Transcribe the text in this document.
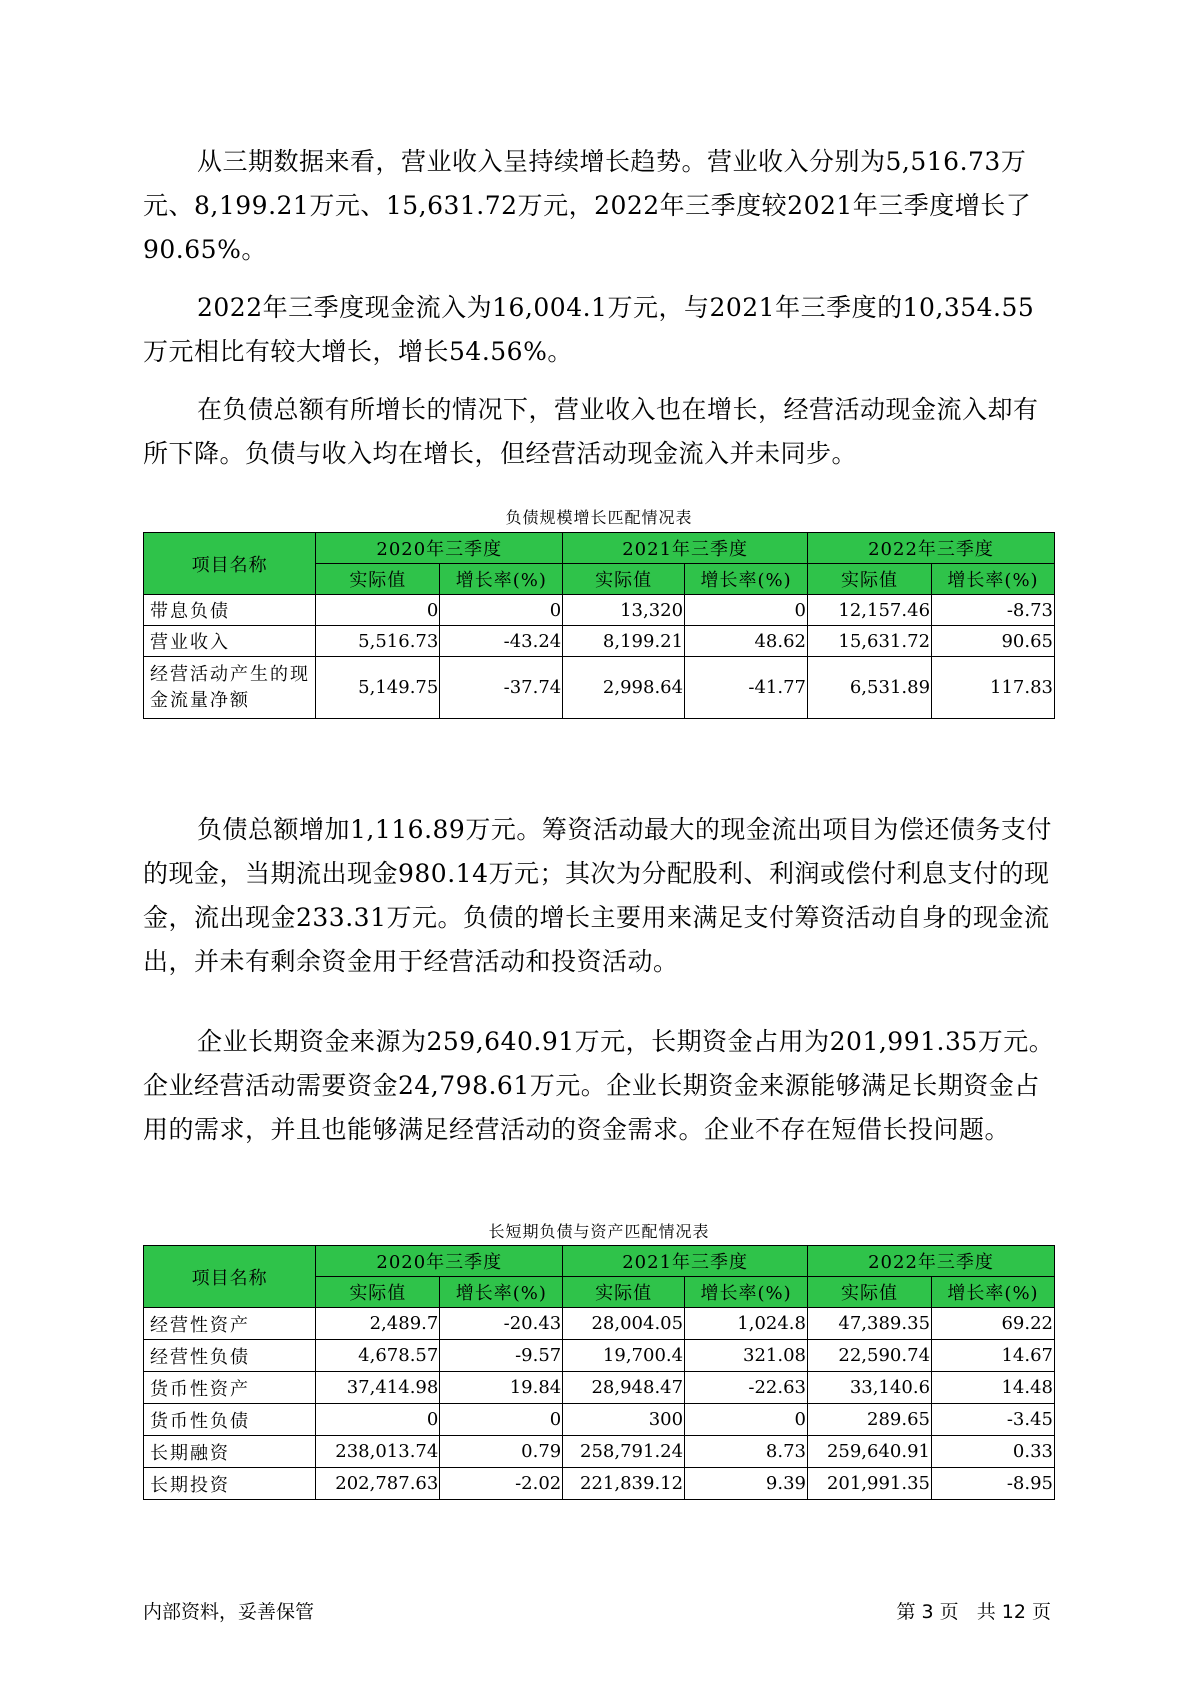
从三期数据来看，营业收入呈持续增长趋势。营业收入分别为5,516.73万元、8,199.21万元、15,631.72万元，2022年三季度较2021年三季度增长了90.65%。

2022年三季度现金流入为16,004.1万元，与2021年三季度的10,354.55万元相比有较大增长，增长54.56%。

在负债总额有所增长的情况下，营业收入也在增长，经营活动现金流入却有所下降。负债与收入均在增长，但经营活动现金流入并未同步。

负债规模增长匹配情况表
项目名称	2020年三季度		2021年三季度		2022年三季度	
	实际值	增长率(%)	实际值	增长率(%)	实际值	增长率(%)
带息负债	0	0	13,320	0	12,157.46	-8.73
营业收入	5,516.73	-43.24	8,199.21	48.62	15,631.72	90.65
经营活动产生的现金流量净额	5,149.75	-37.74	2,998.64	-41.77	6,531.89	117.83

负债总额增加1,116.89万元。筹资活动最大的现金流出项目为偿还债务支付的现金，当期流出现金980.14万元；其次为分配股利、利润或偿付利息支付的现金，流出现金233.31万元。负债的增长主要用来满足支付筹资活动自身的现金流出，并未有剩余资金用于经营活动和投资活动。

企业长期资金来源为259,640.91万元，长期资金占用为201,991.35万元。企业经营活动需要资金24,798.61万元。企业长期资金来源能够满足长期资金占用的需求，并且也能够满足经营活动的资金需求。企业不存在短借长投问题。

长短期负债与资产匹配情况表
项目名称	2020年三季度		2021年三季度		2022年三季度	
	实际值	增长率(%)	实际值	增长率(%)	实际值	增长率(%)
经营性资产	2,489.7	-20.43	28,004.05	1,024.8	47,389.35	69.22
经营性负债	4,678.57	-9.57	19,700.4	321.08	22,590.74	14.67
货币性资产	37,414.98	19.84	28,948.47	-22.63	33,140.6	14.48
货币性负债	0	0	300	0	289.65	-3.45
长期融资	238,013.74	0.79	258,791.24	8.73	259,640.91	0.33
长期投资	202,787.63	-2.02	221,839.12	9.39	201,991.35	-8.95
内部资料，妥善保管	第 3 页   共 12 页
